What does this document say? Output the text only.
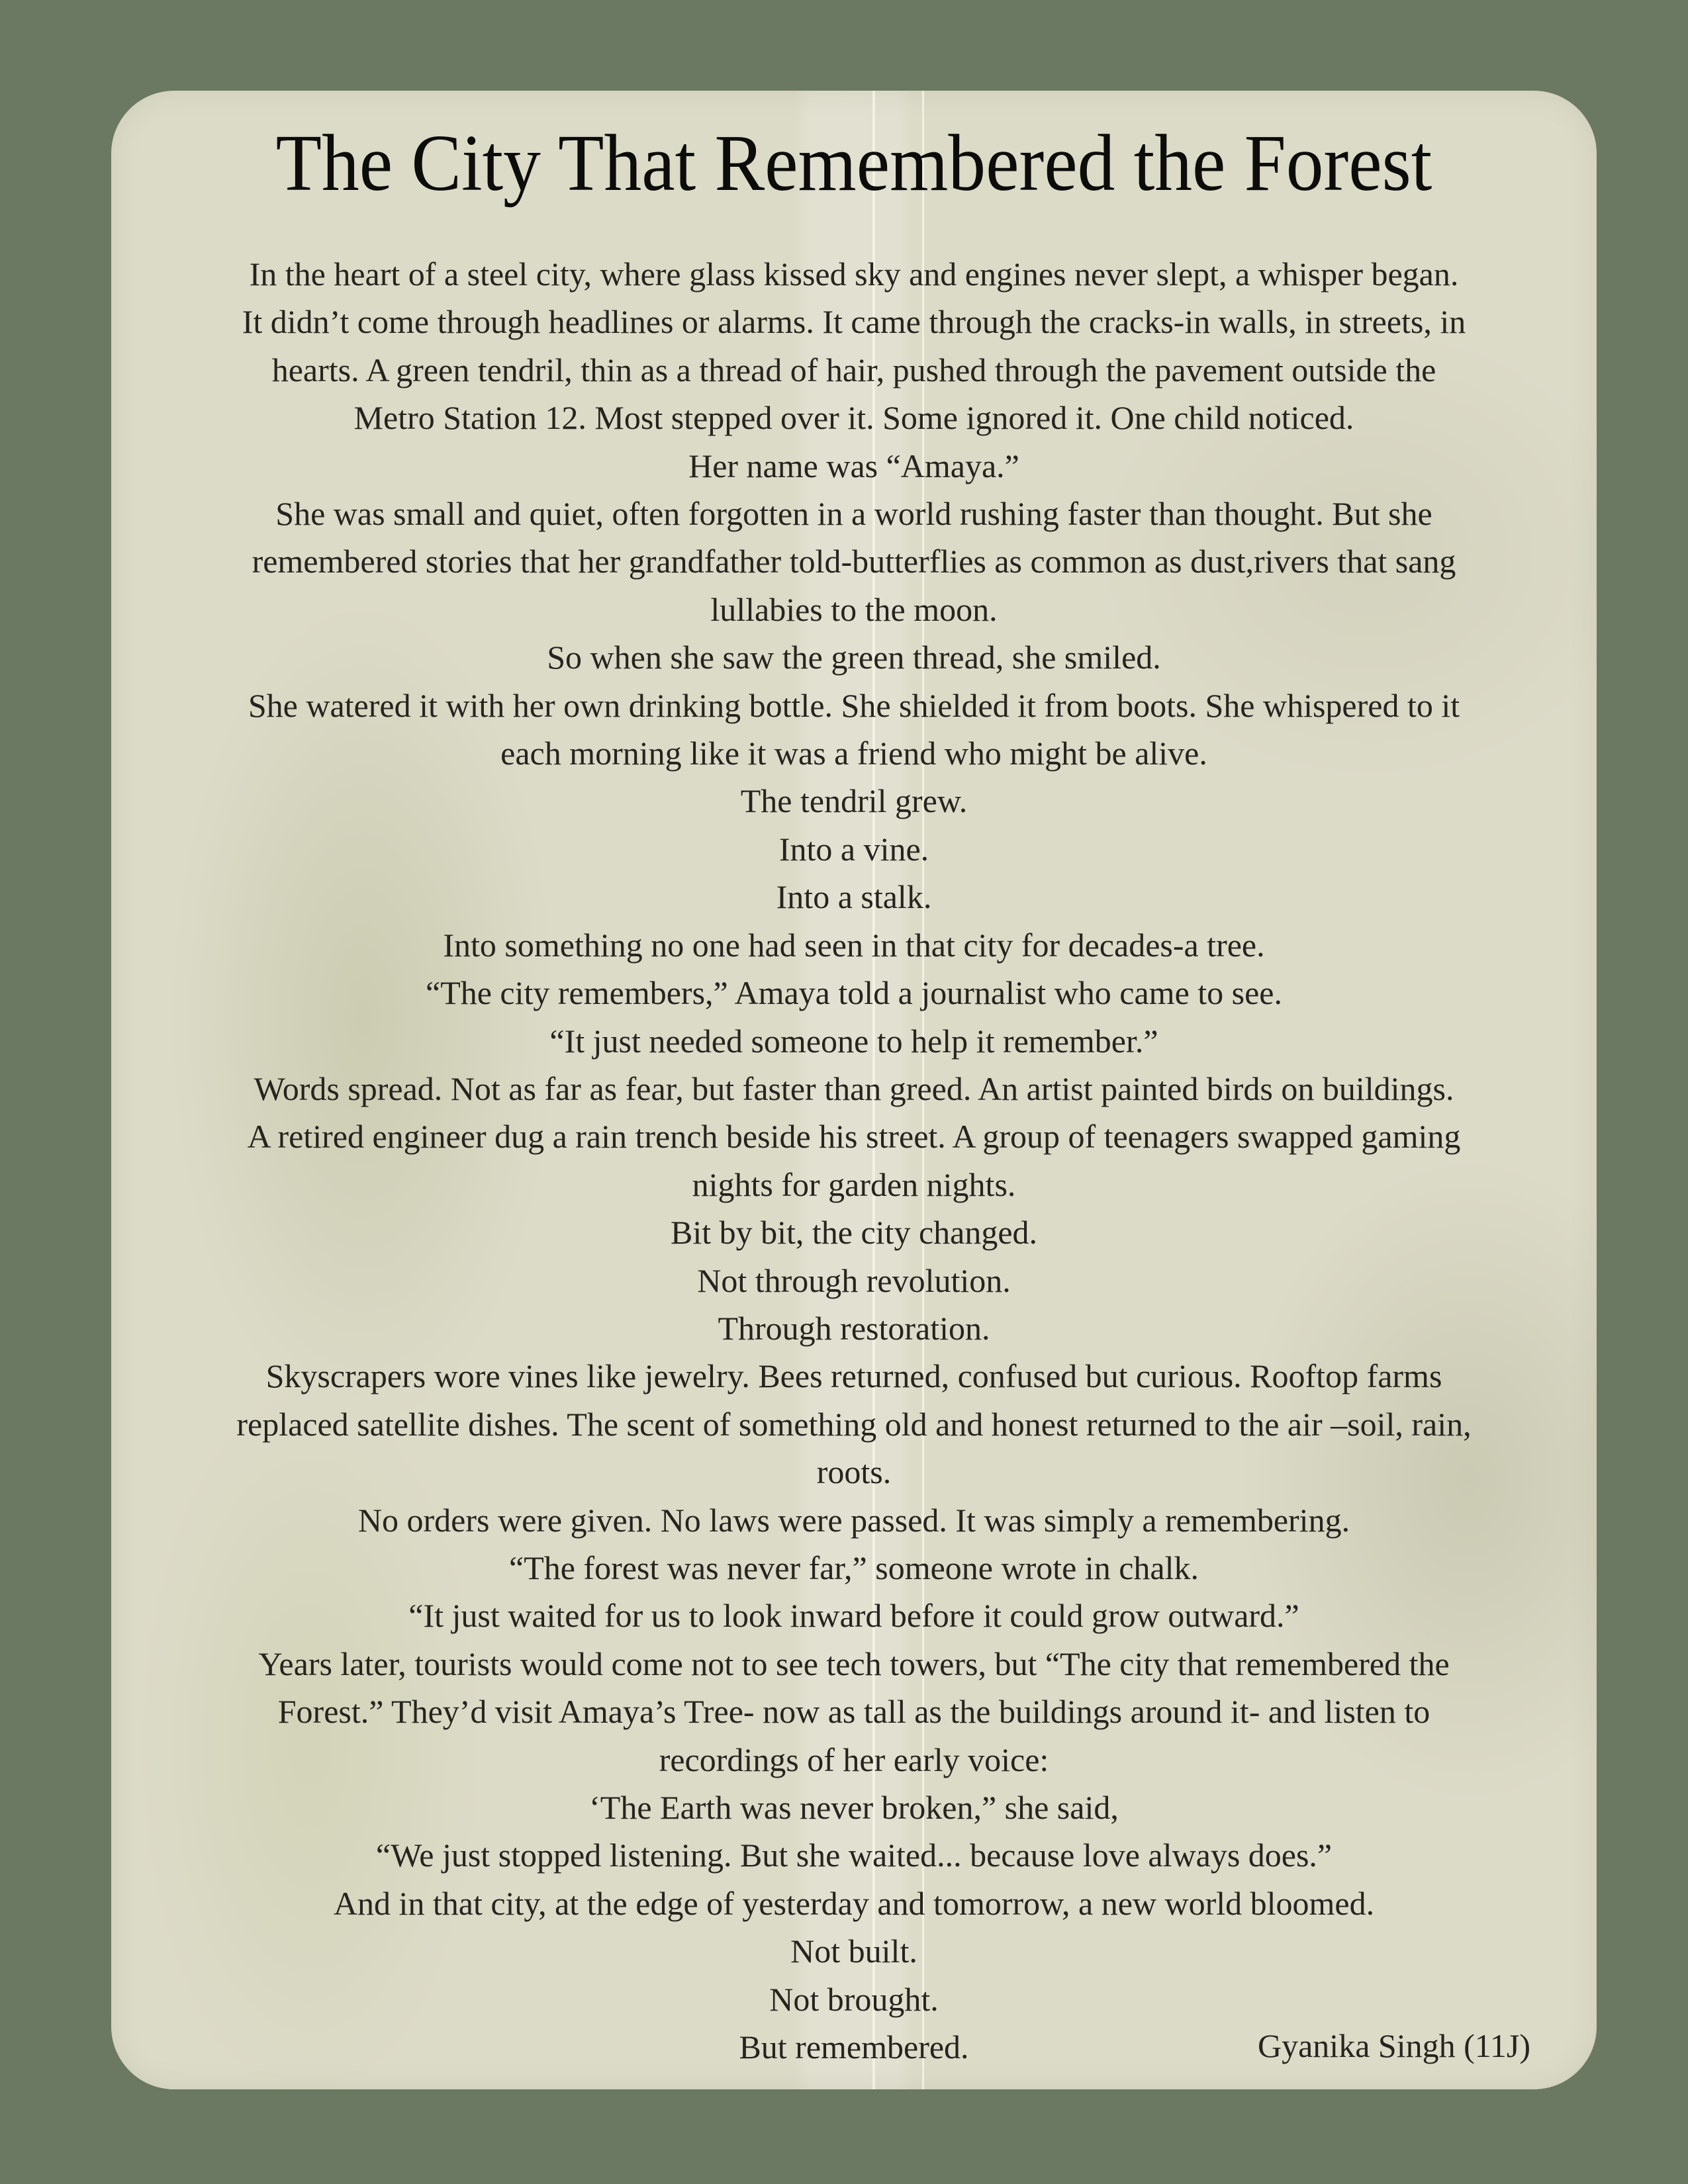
The City That Remembered the Forest
In the heart of a steel city, where glass kissed sky and engines never slept, a whisper began.
It didn’t come through headlines or alarms. It came through the cracks-in walls, in streets, in
hearts. A green tendril, thin as a thread of hair, pushed through the pavement outside the
Metro Station 12. Most stepped over it. Some ignored it. One child noticed.
Her name was “Amaya.”
She was small and quiet, often forgotten in a world rushing faster than thought. But she
remembered stories that her grandfather told-butterflies as common as dust,rivers that sang
lullabies to the moon.
So when she saw the green thread, she smiled.
She watered it with her own drinking bottle. She shielded it from boots. She whispered to it
each morning like it was a friend who might be alive.
The tendril grew.
Into a vine.
Into a stalk.
Into something no one had seen in that city for decades-a tree.
“The city remembers,” Amaya told a journalist who came to see.
“It just needed someone to help it remember.”
Words spread. Not as far as fear, but faster than greed. An artist painted birds on buildings.
A retired engineer dug a rain trench beside his street. A group of teenagers swapped gaming
nights for garden nights.
Bit by bit, the city changed.
Not through revolution.
Through restoration.
Skyscrapers wore vines like jewelry. Bees returned, confused but curious. Rooftop farms
replaced satellite dishes. The scent of something old and honest returned to the air –soil, rain,
roots.
No orders were given. No laws were passed. It was simply a remembering.
“The forest was never far,” someone wrote in chalk.
“It just waited for us to look inward before it could grow outward.”
Years later, tourists would come not to see tech towers, but “The city that remembered the
Forest.” They’d visit Amaya’s Tree- now as tall as the buildings around it- and listen to
recordings of her early voice:
‘The Earth was never broken,” she said,
“We just stopped listening. But she waited... because love always does.”
And in that city, at the edge of yesterday and tomorrow, a new world bloomed.
Not built.
Not brought.
But remembered.	Gyanika Singh (11J)
